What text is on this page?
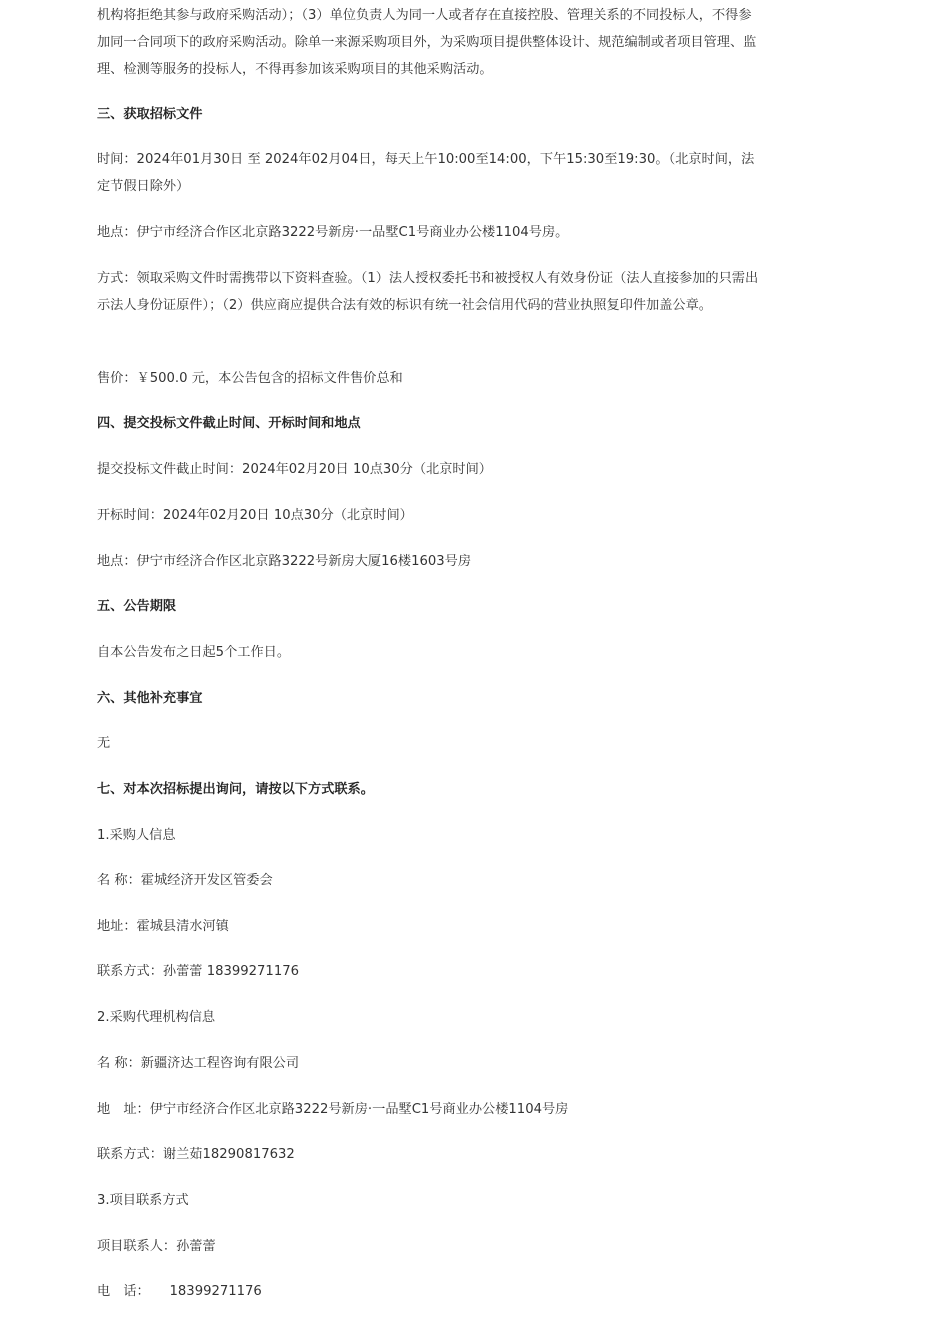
机构将拒绝其参与政府采购活动）；（3）单位负责人为同一人或者存在直接控股、管理关系的不同投标人，不得参加同一合同项下的政府采购活动。除单一来源采购项目外，为采购项目提供整体设计、规范编制或者项目管理、监理、检测等服务的投标人，不得再参加该采购项目的其他采购活动。

三、获取招标文件

时间：2024年01月30日 至 2024年02月04日，每天上午10:00至14:00，下午15:30至19:30。（北京时间，法定节假日除外）

地点：伊宁市经济合作区北京路3222号新房·一品墅C1号商业办公楼1104号房。

方式：领取采购文件时需携带以下资料查验。（1）法人授权委托书和被授权人有效身份证（法人直接参加的只需出示法人身份证原件）；（2）供应商应提供合法有效的标识有统一社会信用代码的营业执照复印件加盖公章。

售价：￥500.0 元，本公告包含的招标文件售价总和

四、提交投标文件截止时间、开标时间和地点

提交投标文件截止时间：2024年02月20日 10点30分（北京时间）

开标时间：2024年02月20日 10点30分（北京时间）

地点：伊宁市经济合作区北京路3222号新房大厦16楼1603号房

五、公告期限

自本公告发布之日起5个工作日。

六、其他补充事宜

无

七、对本次招标提出询问，请按以下方式联系。

1.采购人信息

名 称：霍城经济开发区管委会

地址：霍城县清水河镇

联系方式：孙蕾蕾 18399271176

2.采购代理机构信息

名 称：新疆济达工程咨询有限公司

地　址：伊宁市经济合作区北京路3222号新房·一品墅C1号商业办公楼1104号房

联系方式：谢兰茹18290817632

3.项目联系方式

项目联系人：孙蕾蕾

电　话：　　18399271176
